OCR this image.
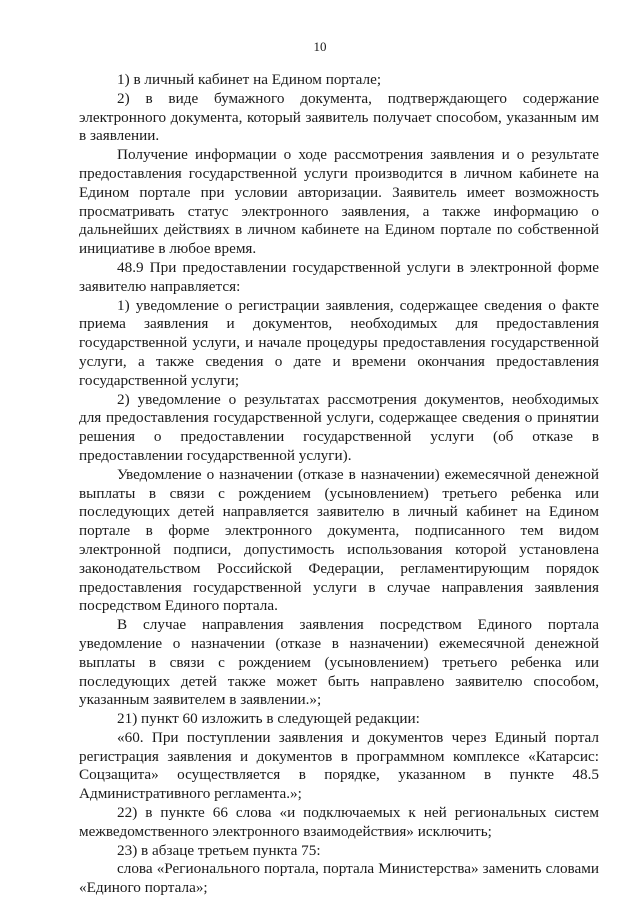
10

1) в личный кабинет на Едином портале;

2) в виде бумажного документа, подтверждающего содержание электронного документа, который заявитель получает способом, указанным им в заявлении.

Получение информации о ходе рассмотрения заявления и о результате предоставления государственной услуги производится в личном кабинете на Едином портале при условии авторизации. Заявитель имеет возможность просматривать статус электронного заявления, а также информацию о дальнейших действиях в личном кабинете на Едином портале по собственной инициативе в любое время.

48.9 При предоставлении государственной услуги в электронной форме заявителю направляется:

1) уведомление о регистрации заявления, содержащее сведения о факте приема заявления и документов, необходимых для предоставления государственной услуги, и начале процедуры предоставления государственной услуги, а также сведения о дате и времени окончания предоставления государственной услуги;

2) уведомление о результатах рассмотрения документов, необходимых для предоставления государственной услуги, содержащее сведения о принятии решения о предоставлении государственной услуги (об отказе в предоставлении государственной услуги).

Уведомление о назначении (отказе в назначении) ежемесячной денежной выплаты в связи с рождением (усыновлением) третьего ребенка или последующих детей направляется заявителю в личный кабинет на Едином портале в форме электронного документа, подписанного тем видом электронной подписи, допустимость использования которой установлена законодательством Российской Федерации, регламентирующим порядок предоставления государственной услуги в случае направления заявления посредством Единого портала.

В случае направления заявления посредством Единого портала уведомление о назначении (отказе в назначении) ежемесячной денежной выплаты в связи с рождением (усыновлением) третьего ребенка или последующих детей также может быть направлено заявителю способом, указанным заявителем в заявлении.»;

21) пункт 60 изложить в следующей редакции:

«60. При поступлении заявления и документов через Единый портал регистрация заявления и документов в программном комплексе «Катарсис: Соцзащита» осуществляется в порядке, указанном в пункте 48.5 Административного регламента.»;

22) в пункте 66 слова «и подключаемых к ней региональных систем межведомственного электронного взаимодействия» исключить;

23) в абзаце третьем пункта 75:

слова «Регионального портала, портала Министерства» заменить словами «Единого портала»;
